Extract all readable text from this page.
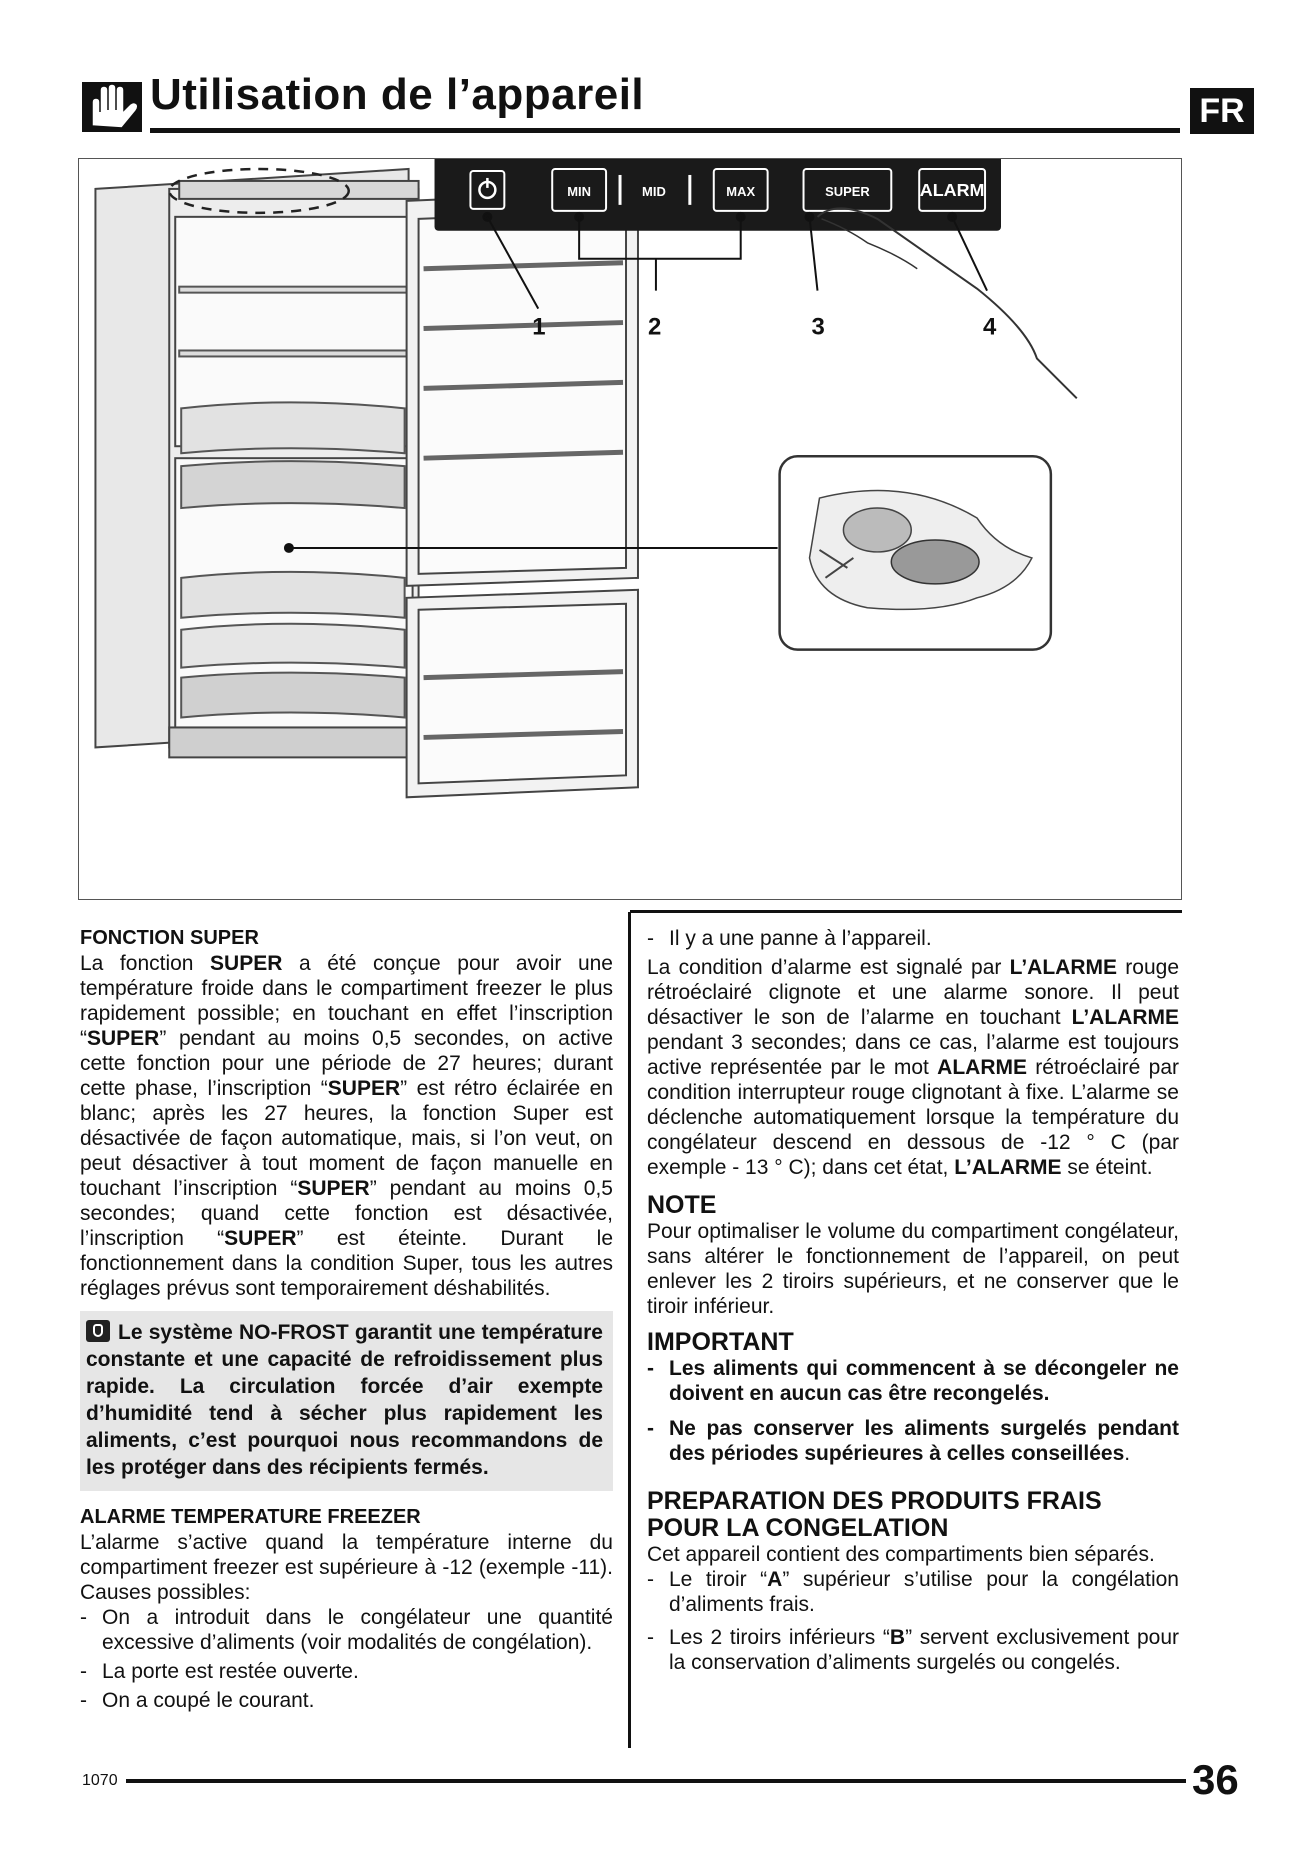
Utilisation de l’appareil	FR
MIN	MID	MAX	SUPER	ALARM
1	2	3	4

FONCTION SUPER

La fonction SUPER a été conçue pour avoir une température froide dans le compartiment freezer le plus rapidement possible; en touchant en effet l’inscription “SUPER” pendant au moins 0,5 secondes, on active cette fonction pour une période de 27 heures; durant cette phase, l’inscription “SUPER” est rétro éclairée en blanc; après les 27 heures, la fonction Super est désactivée de façon automatique, mais, si l’on veut, on peut désactiver à tout moment de façon manuelle en touchant l’inscription “SUPER” pendant au moins 0,5 secondes; quand cette fonction est désactivée, l’inscription “SUPER” est éteinte. Durant le fonctionnement dans la condition Super, tous les autres réglages prévus sont temporairement déshabilités.

Le système NO-FROST garantit une température constante et une capacité de refroidissement plus rapide. La circulation forcée d’air exempte d’humidité tend à sécher plus rapidement les aliments, c’est pourquoi nous recommandons de les protéger dans des récipients fermés.

ALARME TEMPERATURE FREEZER

L’alarme s’active quand la température interne du compartiment freezer est supérieure à -12 (exemple -11). Causes possibles:

- On a introduit dans le congélateur une quantité excessive d’aliments (voir modalités de congélation).
- La porte est restée ouverte.
- On a coupé le courant.
- Il y a une panne à l’appareil.

La condition d’alarme est signalé par L’ALARME rouge rétroéclairé clignote et une alarme sonore. Il peut désactiver le son de l’alarme en touchant L’ALARME pendant 3 secondes; dans ce cas, l’alarme est toujours active représentée par le mot ALARME rétroéclairé par condition interrupteur rouge clignotant à fixe. L’alarme se déclenche automatiquement lorsque la température du congélateur descend en dessous de -12 ° C (par exemple - 13 ° C); dans cet état, L’ALARME se éteint.

NOTE

Pour optimaliser le volume du compartiment congélateur, sans altérer le fonctionnement de l’appareil, on peut enlever les 2 tiroirs supérieurs, et ne conserver que le tiroir inférieur.

IMPORTANT

- Les aliments qui commencent à se décongeler ne doivent en aucun cas être recongelés.
- Ne pas conserver les aliments surgelés pendant des périodes supérieures à celles conseillées.

PREPARATION DES PRODUITS FRAIS
POUR LA CONGELATION

Cet appareil contient des compartiments bien séparés.

- Le tiroir “A” supérieur s’utilise pour la congélation d’aliments frais.
- Les 2 tiroirs inférieurs “B” servent exclusivement pour la conservation d’aliments surgelés ou congelés.
1070	36
